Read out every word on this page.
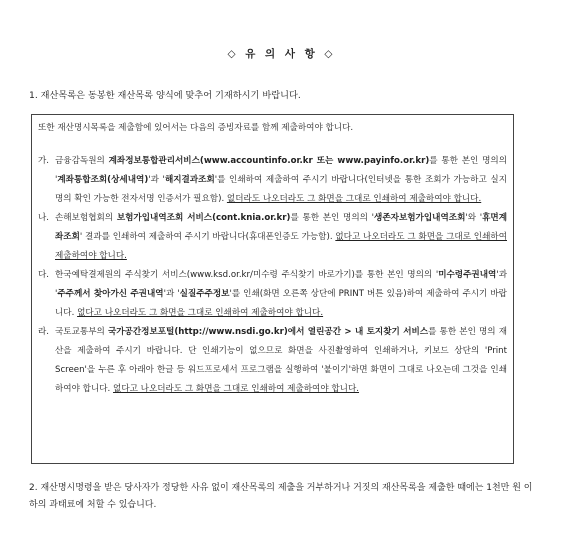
◇ 유 의 사 항 ◇
1. 재산목록은 동봉한 재산목록 양식에 맞추어 기재하시기 바랍니다.
또한 재산명시목록을 제출함에 있어서는 다음의 증빙자료를 함께 제출하여야 합니다.
가. 금융감독원의 계좌정보통합관리서비스(www.accountinfo.or.kr 또는 www.payinfo.or.kr)를 통한 본인 명의의 '계좌통합조회(상세내역)'과 '해지결과조회'를 인쇄하여 제출하여 주시기 바랍니다(인터넷을 통한 조회가 가능하고 실지명의 확인 가능한 전자서명 인증서가 필요함). 없더라도 나오더라도 그 화면을 그대로 인쇄하여 제출하여야 합니다.
나. 손해보험협회의 보험가입내역조회 서비스(cont.knia.or.kr)를 통한 본인 명의의 '생존자보험가입내역조회'와 '휴면계좌조회' 결과를 인쇄하여 제출하여 주시기 바랍니다(휴대폰인증도 가능함). 없다고 나오더라도 그 화면을 그대로 인쇄하여 제출하여야 합니다.
다. 한국예탁결제원의 주식찾기 서비스(www.ksd.or.kr/미수령 주식찾기 바로가기)를 통한 본인 명의의 '미수령주권내역'과 '주주께서 찾아가신 주권내역'과 '실질주주정보'를 인쇄(화면 오른쪽 상단에 PRINT 버튼 있음)하여 제출하여 주시기 바랍니다. 없다고 나오더라도 그 화면을 그대로 인쇄하여 제출하여야 합니다.
라. 국토교통부의 국가공간정보포털(http://www.nsdi.go.kr)에서 열린공간 > 내 토지찾기 서비스를 통한 본인 명의 재산을 제출하여 주시기 바랍니다. 단 인쇄기능이 없으므로 화면을 사진촬영하여 인쇄하거나, 키보드 상단의 'Print Screen'을 누른 후 아래아 한글 등 워드프로세서 프로그램을 실행하여 '붙이기'하면 화면이 그대로 나오는데 그것을 인쇄하여야 합니다. 없다고 나오더라도 그 화면을 그대로 인쇄하여 제출하여야 합니다.
2. 재산명시명령을 받은 당사자가 정당한 사유 없이 재산목록의 제출을 거부하거나 거짓의 재산목록을 제출한 때에는 1천만 원 이하의 과태료에 처할 수 있습니다.
